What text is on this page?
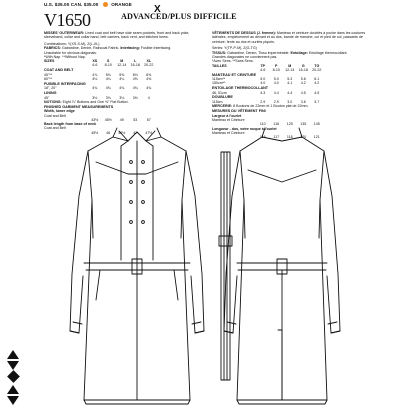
U.S. $35.00 CAN. $35.00	ORANGE X
V1650	ADVANCED/PLUS DIFFICILE
MISSES' OUTERWEAR: Lined coat and belt have side seam pockets, front and back yoke, sleeveband, collar and collar band, belt carriers, back vent, and stitched hems.
Combinations: Y(XS-S-M), Z(L-XL)
FABRICS: Gabardine, Denim, Raincoat Fabric. Interfacing: Fusible Interfacing.
Unsuitable for obvious diagonals.
*With Nap. **Without Nap.
SIZES	XS	S	M	L	XL
4-6	8-10	12-14	16-18	20-22
COAT AND BELT
45"**	4⅞	5⅛	5⅜	6⅛	6⅝
60"**	4⅛	4¼	4¼	4⅝	4⅝
FUSIBLE INTERFACING
18", 20"	4¾	4¾	4¾	4¾	4¾
LINING
45"	3⅛	3⅛	3⅛	3⅜	4
NOTIONS: Eight ⅞" Buttons and One ⅝" Flat Button.
FINISHED GARMENT MEASUREMENTS
Width, lower edge
Coat and Belt
43½	45½	49	53	57
Back length from base of neck
Coat and Belt
45½	46	46½	47	47½
VÊTEMENTS DE DESSUS (J. femme): Manteau et ceinture doublés à poche dans les coutures latérales, empiècement au devant et au dos, bande de manche, col et pied de col, passants de ceinture, fente au dos et ourlets piqués.
Séries: Y(TP-P-M), Z(G-TG)
TISSUS: Gabardine, Denim, Tissu imperméable. Entoilage: Entoilage thermocollant.
Grandes diagonales ne conviennent pas.
*Avec Sens. **Sans Sens.
TAILLES	TP	P	M	G	TG
4-6	8-10	12-14	16-18	20-22
MANTEAU ET CEINTURE
115cm**	5.0	5.0	5.3	5.6	6.1
150cm**	4.0	4.0	4.1	4.2	4.2
ENTOILAGE THERMOCOLLANT
46, 51cm	4.3	4.4	4.4	4.5	4.5
DOUBLURE
115cm	2.9	2.9	3.0	3.6	3.7
MERCERIE: 8 Boutons de 22mm et 1 Bouton plat de 22mm.
MESURES DU VÊTEMENT FINI
Largeur à l'ourlet
Manteau et Ceinture
110	116	125	135	145
Longueur - dos, votre nuque à l'ourlet
Manteau et Ceinture
116	117	118	120	121
